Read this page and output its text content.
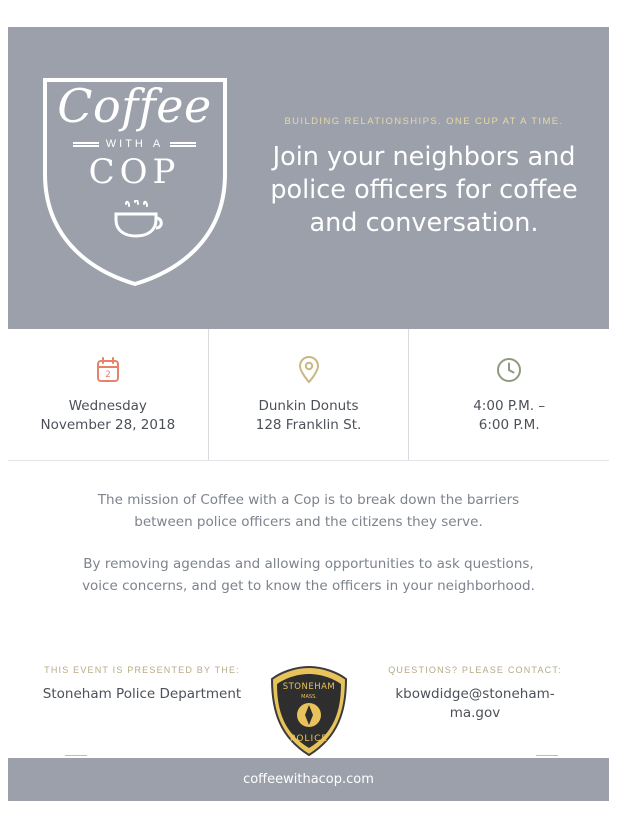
Coffee
WITH A
COP
BUILDING RELATIONSHIPS. ONE CUP AT A TIME.
Join your neighbors and police officers for coffee and conversation.
2
Wednesday
November 28, 2018
Dunkin Donuts
128 Franklin St.
4:00 P.M. –
6:00 P.M.

The mission of Coffee with a Cop is to break down the barriers between police officers and the citizens they serve.

By removing agendas and allowing opportunities to ask questions, voice concerns, and get to know the officers in your neighborhood.

THIS EVENT IS PRESENTED BY THE:
Stoneham Police Department	STONEHAM
MASS.
POLICE
QUESTIONS? PLEASE CONTACT:
kbowdidge@stoneham-ma.gov
coffeewithacop.com
